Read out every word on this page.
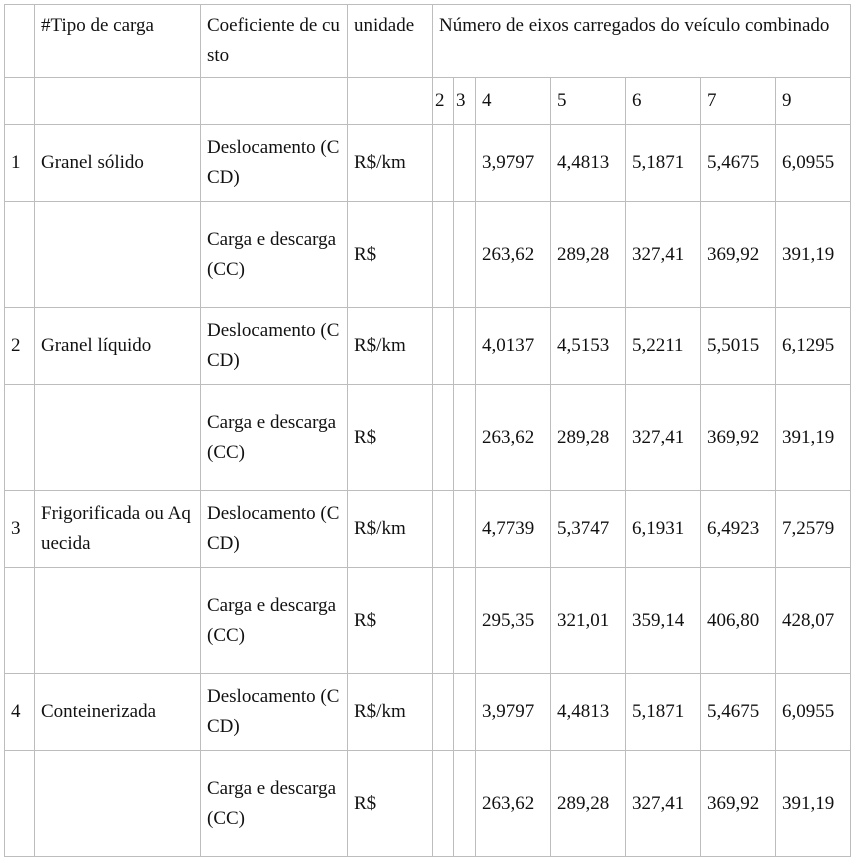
	#Tipo de carga	Coeficiente de custo	unidade	Número de eixos carregados do veículo combinado						
				2	3	4	5	6	7	9
1	Granel sólido	Deslocamento (CCD)	R$/km			3,9797	4,4813	5,1871	5,4675	6,0955
		Carga e descarga (CC)	R$			263,62	289,28	327,41	369,92	391,19
2	Granel líquido	Deslocamento (CCD)	R$/km			4,0137	4,5153	5,2211	5,5015	6,1295
		Carga e descarga (CC)	R$			263,62	289,28	327,41	369,92	391,19
3	Frigorificada ou Aquecida	Deslocamento (CCD)	R$/km			4,7739	5,3747	6,1931	6,4923	7,2579
		Carga e descarga (CC)	R$			295,35	321,01	359,14	406,80	428,07
4	Conteinerizada	Deslocamento (CCD)	R$/km			3,9797	4,4813	5,1871	5,4675	6,0955
		Carga e descarga (CC)	R$			263,62	289,28	327,41	369,92	391,19
